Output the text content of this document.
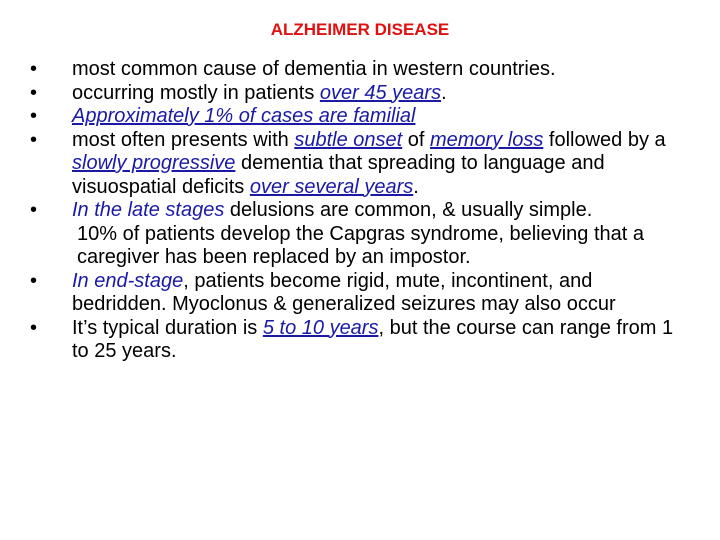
ALZHEIMER DISEASE
• most common cause of dementia in western countries.
• occurring mostly in patients over 45 years.
• Approximately 1% of cases are familial
• most often presents with subtle onset of memory loss followed by a slowly progressive dementia that spreading to language and visuospatial deficits over several years.
• In the late stages delusions are common, & usually simple.
10% of patients develop the Capgras syndrome, believing that a caregiver has been replaced by an impostor.
• In end-stage, patients become rigid, mute, incontinent, and bedridden. Myoclonus & generalized seizures may also occur
• It’s typical duration is 5 to 10 years, but the course can range from 1 to 25 years.
